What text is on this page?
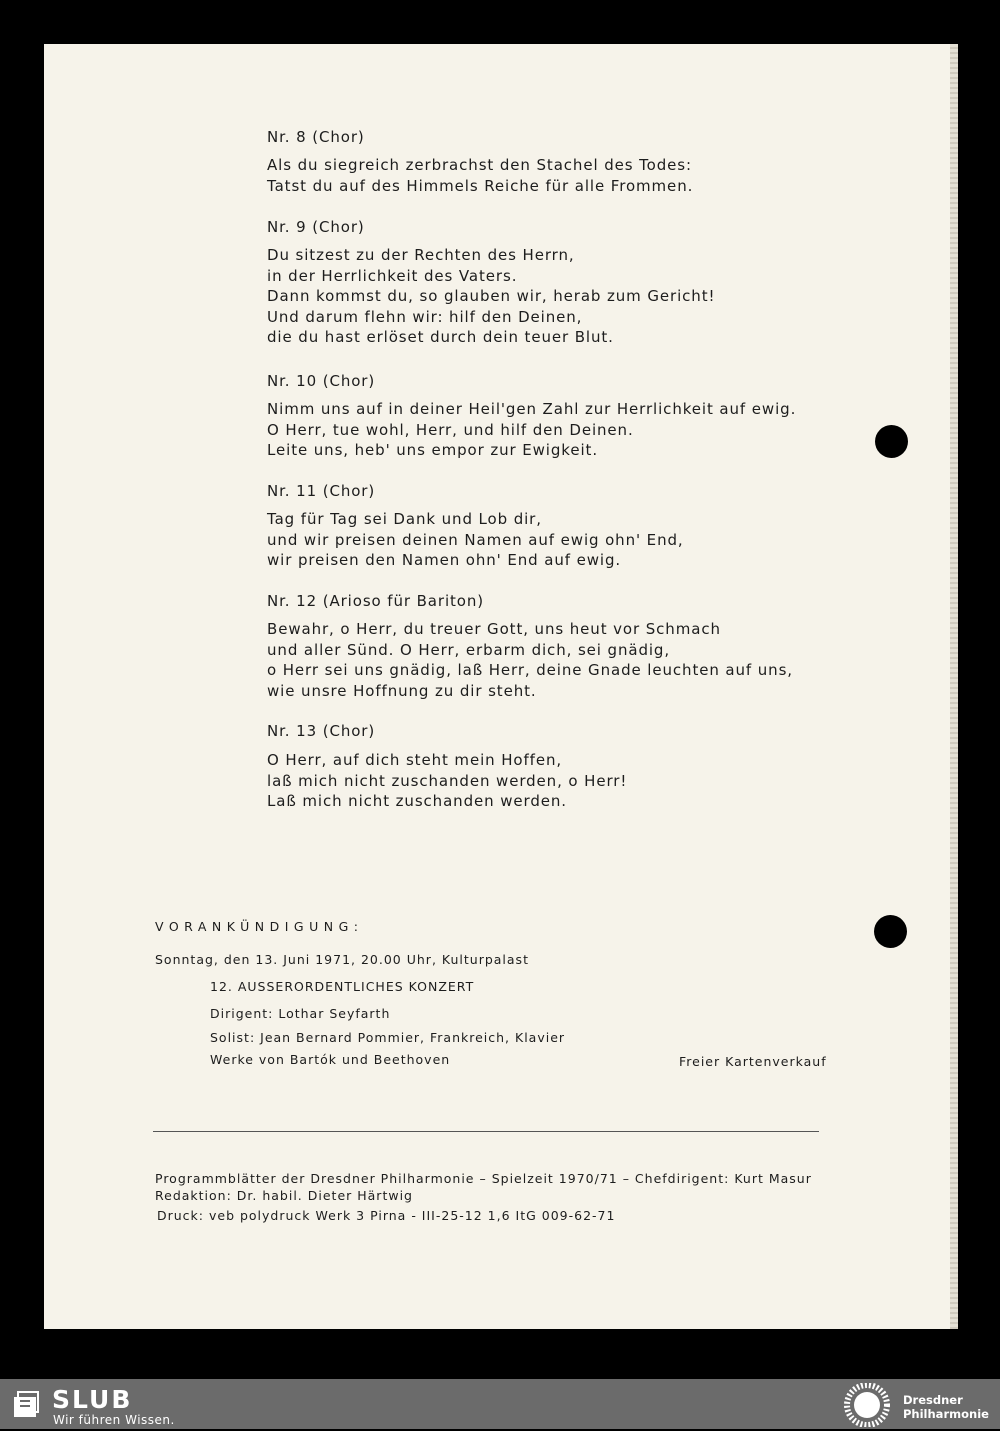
Nr. 8 (Chor)
Als du siegreich zerbrachst den Stachel des Todes:
Tatst du auf des Himmels Reiche für alle Frommen.
Nr. 9 (Chor)
Du sitzest zu der Rechten des Herrn,
in der Herrlichkeit des Vaters.
Dann kommst du, so glauben wir, herab zum Gericht!
Und darum flehn wir: hilf den Deinen,
die du hast erlöset durch dein teuer Blut.
Nr. 10 (Chor)
Nimm uns auf in deiner Heil'gen Zahl zur Herrlichkeit auf ewig.
O Herr, tue wohl, Herr, und hilf den Deinen.
Leite uns, heb' uns empor zur Ewigkeit.
Nr. 11 (Chor)
Tag für Tag sei Dank und Lob dir,
und wir preisen deinen Namen auf ewig ohn' End,
wir preisen den Namen ohn' End auf ewig.
Nr. 12 (Arioso für Bariton)
Bewahr, o Herr, du treuer Gott, uns heut vor Schmach
und aller Sünd. O Herr, erbarm dich, sei gnädig,
o Herr sei uns gnädig, laß Herr, deine Gnade leuchten auf uns,
wie unsre Hoffnung zu dir steht.
Nr. 13 (Chor)
O Herr, auf dich steht mein Hoffen,
laß mich nicht zuschanden werden, o Herr!
Laß mich nicht zuschanden werden.
VORANKÜNDIGUNG:
Sonntag, den 13. Juni 1971, 20.00 Uhr, Kulturpalast
12. AUSSERORDENTLICHES KONZERT
Dirigent: Lothar Seyfarth
Solist: Jean Bernard Pommier, Frankreich, Klavier
Werke von Bartók und Beethoven	Freier Kartenverkauf
Programmblätter der Dresdner Philharmonie – Spielzeit 1970/71 – Chefdirigent: Kurt Masur
Redaktion: Dr. habil. Dieter Härtwig
Druck: veb polydruck Werk 3 Pirna - III-25-12 1,6 ItG 009-62-71
SLUB
Wir führen Wissen.
Dresdner
Philharmonie
